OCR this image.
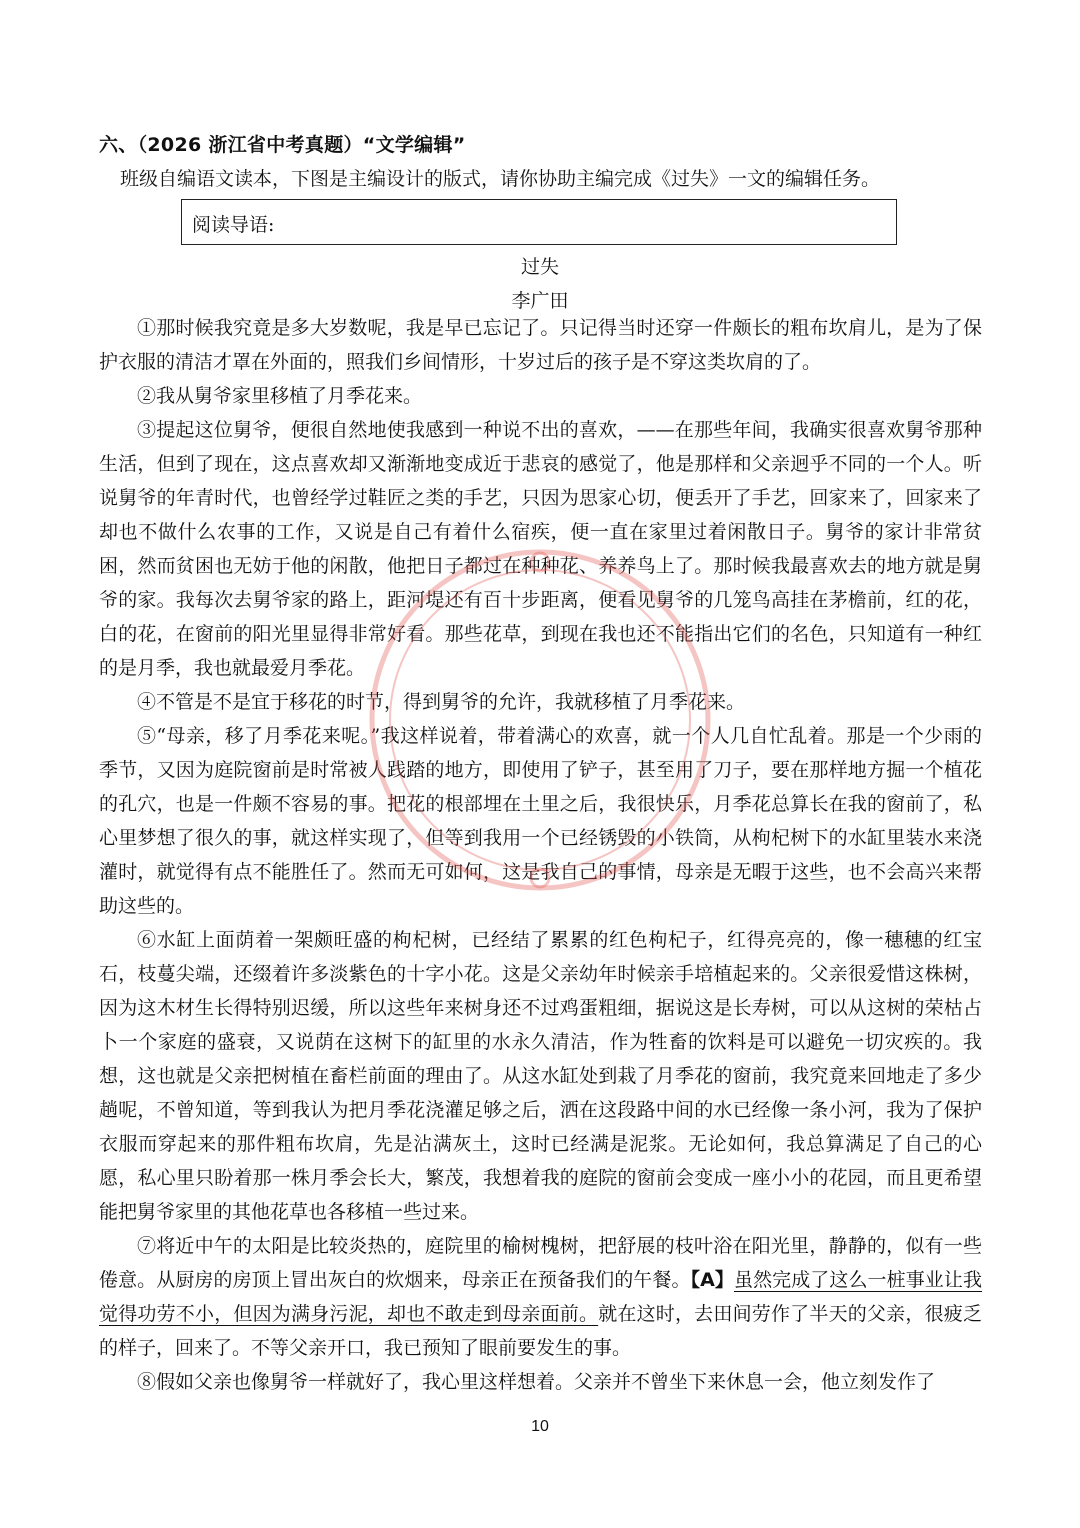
六、（2026 浙江省中考真题）“文学编辑”
班级自编语文读本，下图是主编设计的版式，请你协助主编完成《过失》一文的编辑任务。
阅读导语:
过失
李广田

①那时候我究竟是多大岁数呢，我是早已忘记了。只记得当时还穿一件颇长的粗布坎肩儿，是为了保护衣服的清洁才罩在外面的，照我们乡间情形，十岁过后的孩子是不穿这类坎肩的了。

②我从舅爷家里移植了月季花来。

③提起这位舅爷，便很自然地使我感到一种说不出的喜欢，——在那些年间，我确实很喜欢舅爷那种生活，但到了现在，这点喜欢却又渐渐地变成近于悲哀的感觉了，他是那样和父亲迥乎不同的一个人。听说舅爷的年青时代，也曾经学过鞋匠之类的手艺，只因为思家心切，便丢开了手艺，回家来了，回家来了却也不做什么农事的工作，又说是自己有着什么宿疾，便一直在家里过着闲散日子。舅爷的家计非常贫困，然而贫困也无妨于他的闲散，他把日子都过在种种花、养养鸟上了。那时候我最喜欢去的地方就是舅爷的家。我每次去舅爷家的路上，距河堤还有百十步距离，便看见舅爷的几笼鸟高挂在茅檐前，红的花，白的花，在窗前的阳光里显得非常好看。那些花草，到现在我也还不能指出它们的名色，只知道有一种红的是月季，我也就最爱月季花。

④不管是不是宜于移花的时节，得到舅爷的允许，我就移植了月季花来。

⑤“母亲，移了月季花来呢。”我这样说着，带着满心的欢喜，就一个人几自忙乱着。那是一个少雨的季节，又因为庭院窗前是时常被人践踏的地方，即使用了铲子，甚至用了刀子，要在那样地方掘一个植花的孔穴，也是一件颇不容易的事。把花的根部埋在土里之后，我很快乐，月季花总算长在我的窗前了，私心里梦想了很久的事，就这样实现了，但等到我用一个已经锈毁的小铁筒，从枸杞树下的水缸里装水来浇灌时，就觉得有点不能胜任了。然而无可如何，这是我自己的事情，母亲是无暇于这些，也不会高兴来帮助这些的。

⑥水缸上面荫着一架颇旺盛的枸杞树，已经结了累累的红色枸杞子，红得亮亮的，像一穗穗的红宝石，枝蔓尖端，还缀着许多淡紫色的十字小花。这是父亲幼年时候亲手培植起来的。父亲很爱惜这株树，因为这木材生长得特别迟缓，所以这些年来树身还不过鸡蛋粗细，据说这是长寿树，可以从这树的荣枯占卜一个家庭的盛衰，又说荫在这树下的缸里的水永久清洁，作为牲畜的饮料是可以避免一切灾疾的。我想，这也就是父亲把树植在畜栏前面的理由了。从这水缸处到栽了月季花的窗前，我究竟来回地走了多少趟呢，不曾知道，等到我认为把月季花浇灌足够之后，洒在这段路中间的水已经像一条小河，我为了保护衣服而穿起来的那件粗布坎肩，先是沾满灰土，这时已经满是泥浆。无论如何，我总算满足了自己的心愿，私心里只盼着那一株月季会长大，繁茂，我想着我的庭院的窗前会变成一座小小的花园，而且更希望能把舅爷家里的其他花草也各移植一些过来。

⑦将近中午的太阳是比较炎热的，庭院里的榆树槐树，把舒展的枝叶浴在阳光里，静静的，似有一些倦意。从厨房的房顶上冒出灰白的炊烟来，母亲正在预备我们的午餐。【A】虽然完成了这么一桩事业让我觉得功劳不小，但因为满身污泥，却也不敢走到母亲面前。就在这时，去田间劳作了半天的父亲，很疲乏的样子，回来了。不等父亲开口，我已预知了眼前要发生的事。

⑧假如父亲也像舅爷一样就好了，我心里这样想着。父亲并不曾坐下来休息一会，他立刻发作了

10
